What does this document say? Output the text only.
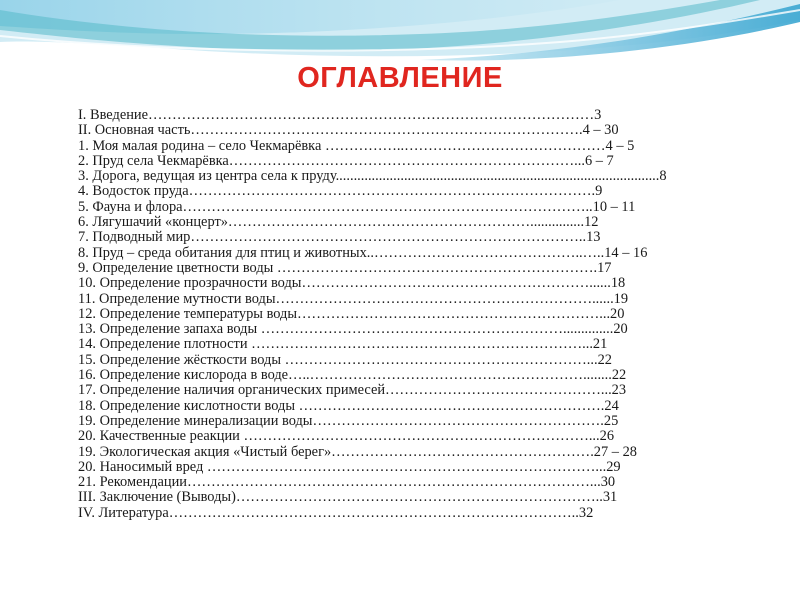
ОГЛАВЛЕНИЕ
I. Введение…………………………………………………………………………………3
II. Основная часть……………………………………………………………………….4 – 30
1. Моя малая родина – село Чекмарёвка ……………..……………………………………4 – 5
2. Пруд села Чекмарёвка………………………………………………………………...6 – 7
3. Дорога, ведущая из центра села к пруду..........................................................................................8
4. Водосток пруда………………………………………………………………………….9
5. Фауна и флора…………………………………………………………………………..10 – 11
6. Лягушачий «концерт»………………………………………………………...............12
7. Подводный мир………………………………………………………………………..13
8. Пруд – среда обитания для птиц и животных..……………………………………..…..14 – 16
9. Определение цветности воды ………………………………………………………….17
10. Определение прозрачности воды……………………………………………………......18
11. Определение мутности воды…………………………………………………………......19
12. Определение температуры воды………………………………………………………...20
13. Определение запаха воды ………………………………………………………..............20
14. Определение плотности ……………………………………………………………...21
15. Определение жёсткости воды ………………………………………………………...22
16. Определение кислорода в воде…..…………………………………………………........22
17. Определение наличия органических примесей………………………………………...23
18. Определение кислотности воды ……………………………………………………….24
19. Определение минерализации воды…………………………………………………….25
20. Качественные реакции ………………………………………………………………...26
19. Экологическая акция «Чистый берег»……………………………………………….27 – 28
20. Наносимый вред ………………………………………………………………………...29
21. Рекомендации…………………………………………………………………………...30
III. Заключение (Выводы)…………………………………………………………………..31
IV. Литература…………………………………………………………………………..32
